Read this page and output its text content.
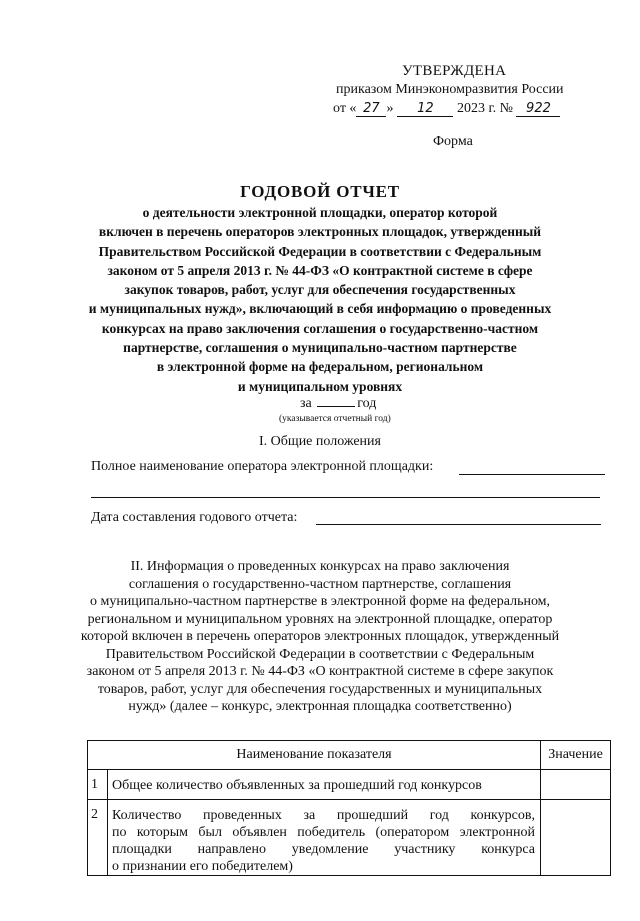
УТВЕРЖДЕНА
приказом Минэкономразвития России
от « 27 » 12 2023 г. № 922
Форма
ГОДОВОЙ ОТЧЕТ
о деятельности электронной площадки, оператор которой
включен в перечень операторов электронных площадок, утвержденный
Правительством Российской Федерации в соответствии с Федеральным
законом от 5 апреля 2013 г. № 44-ФЗ «О контрактной системе в сфере
закупок товаров, работ, услуг для обеспечения государственных
и муниципальных нужд», включающий в себя информацию о проведенных
конкурсах на право заключения соглашения о государственно-частном
партнерстве, соглашения о муниципально-частном партнерстве
в электронной форме на федеральном, региональном
и муниципальном уровнях
за	год
(указывается отчетный год)
I. Общие положения
Полное наименование оператора электронной площадки:
Дата составления годового отчета:
II. Информация о проведенных конкурсах на право заключения
соглашения о государственно-частном партнерстве, соглашения
о муниципально-частном партнерстве в электронной форме на федеральном,
региональном и муниципальном уровнях на электронной площадке, оператор
которой включен в перечень операторов электронных площадок, утвержденный
Правительством Российской Федерации в соответствии с Федеральным
законом от 5 апреля 2013 г. № 44-ФЗ «О контрактной системе в сфере закупок
товаров, работ, услуг для обеспечения государственных и муниципальных
нужд» (далее – конкурс, электронная площадка соответственно)
Наименование показателя		Значение
1	Общее количество объявленных за прошедший год конкурсов	

2	Количество проведенных за прошедший год конкурсов,
по которым был объявлен победитель (оператором электронной
площадки направлено уведомление участнику конкурса
о признании его победителем)	
